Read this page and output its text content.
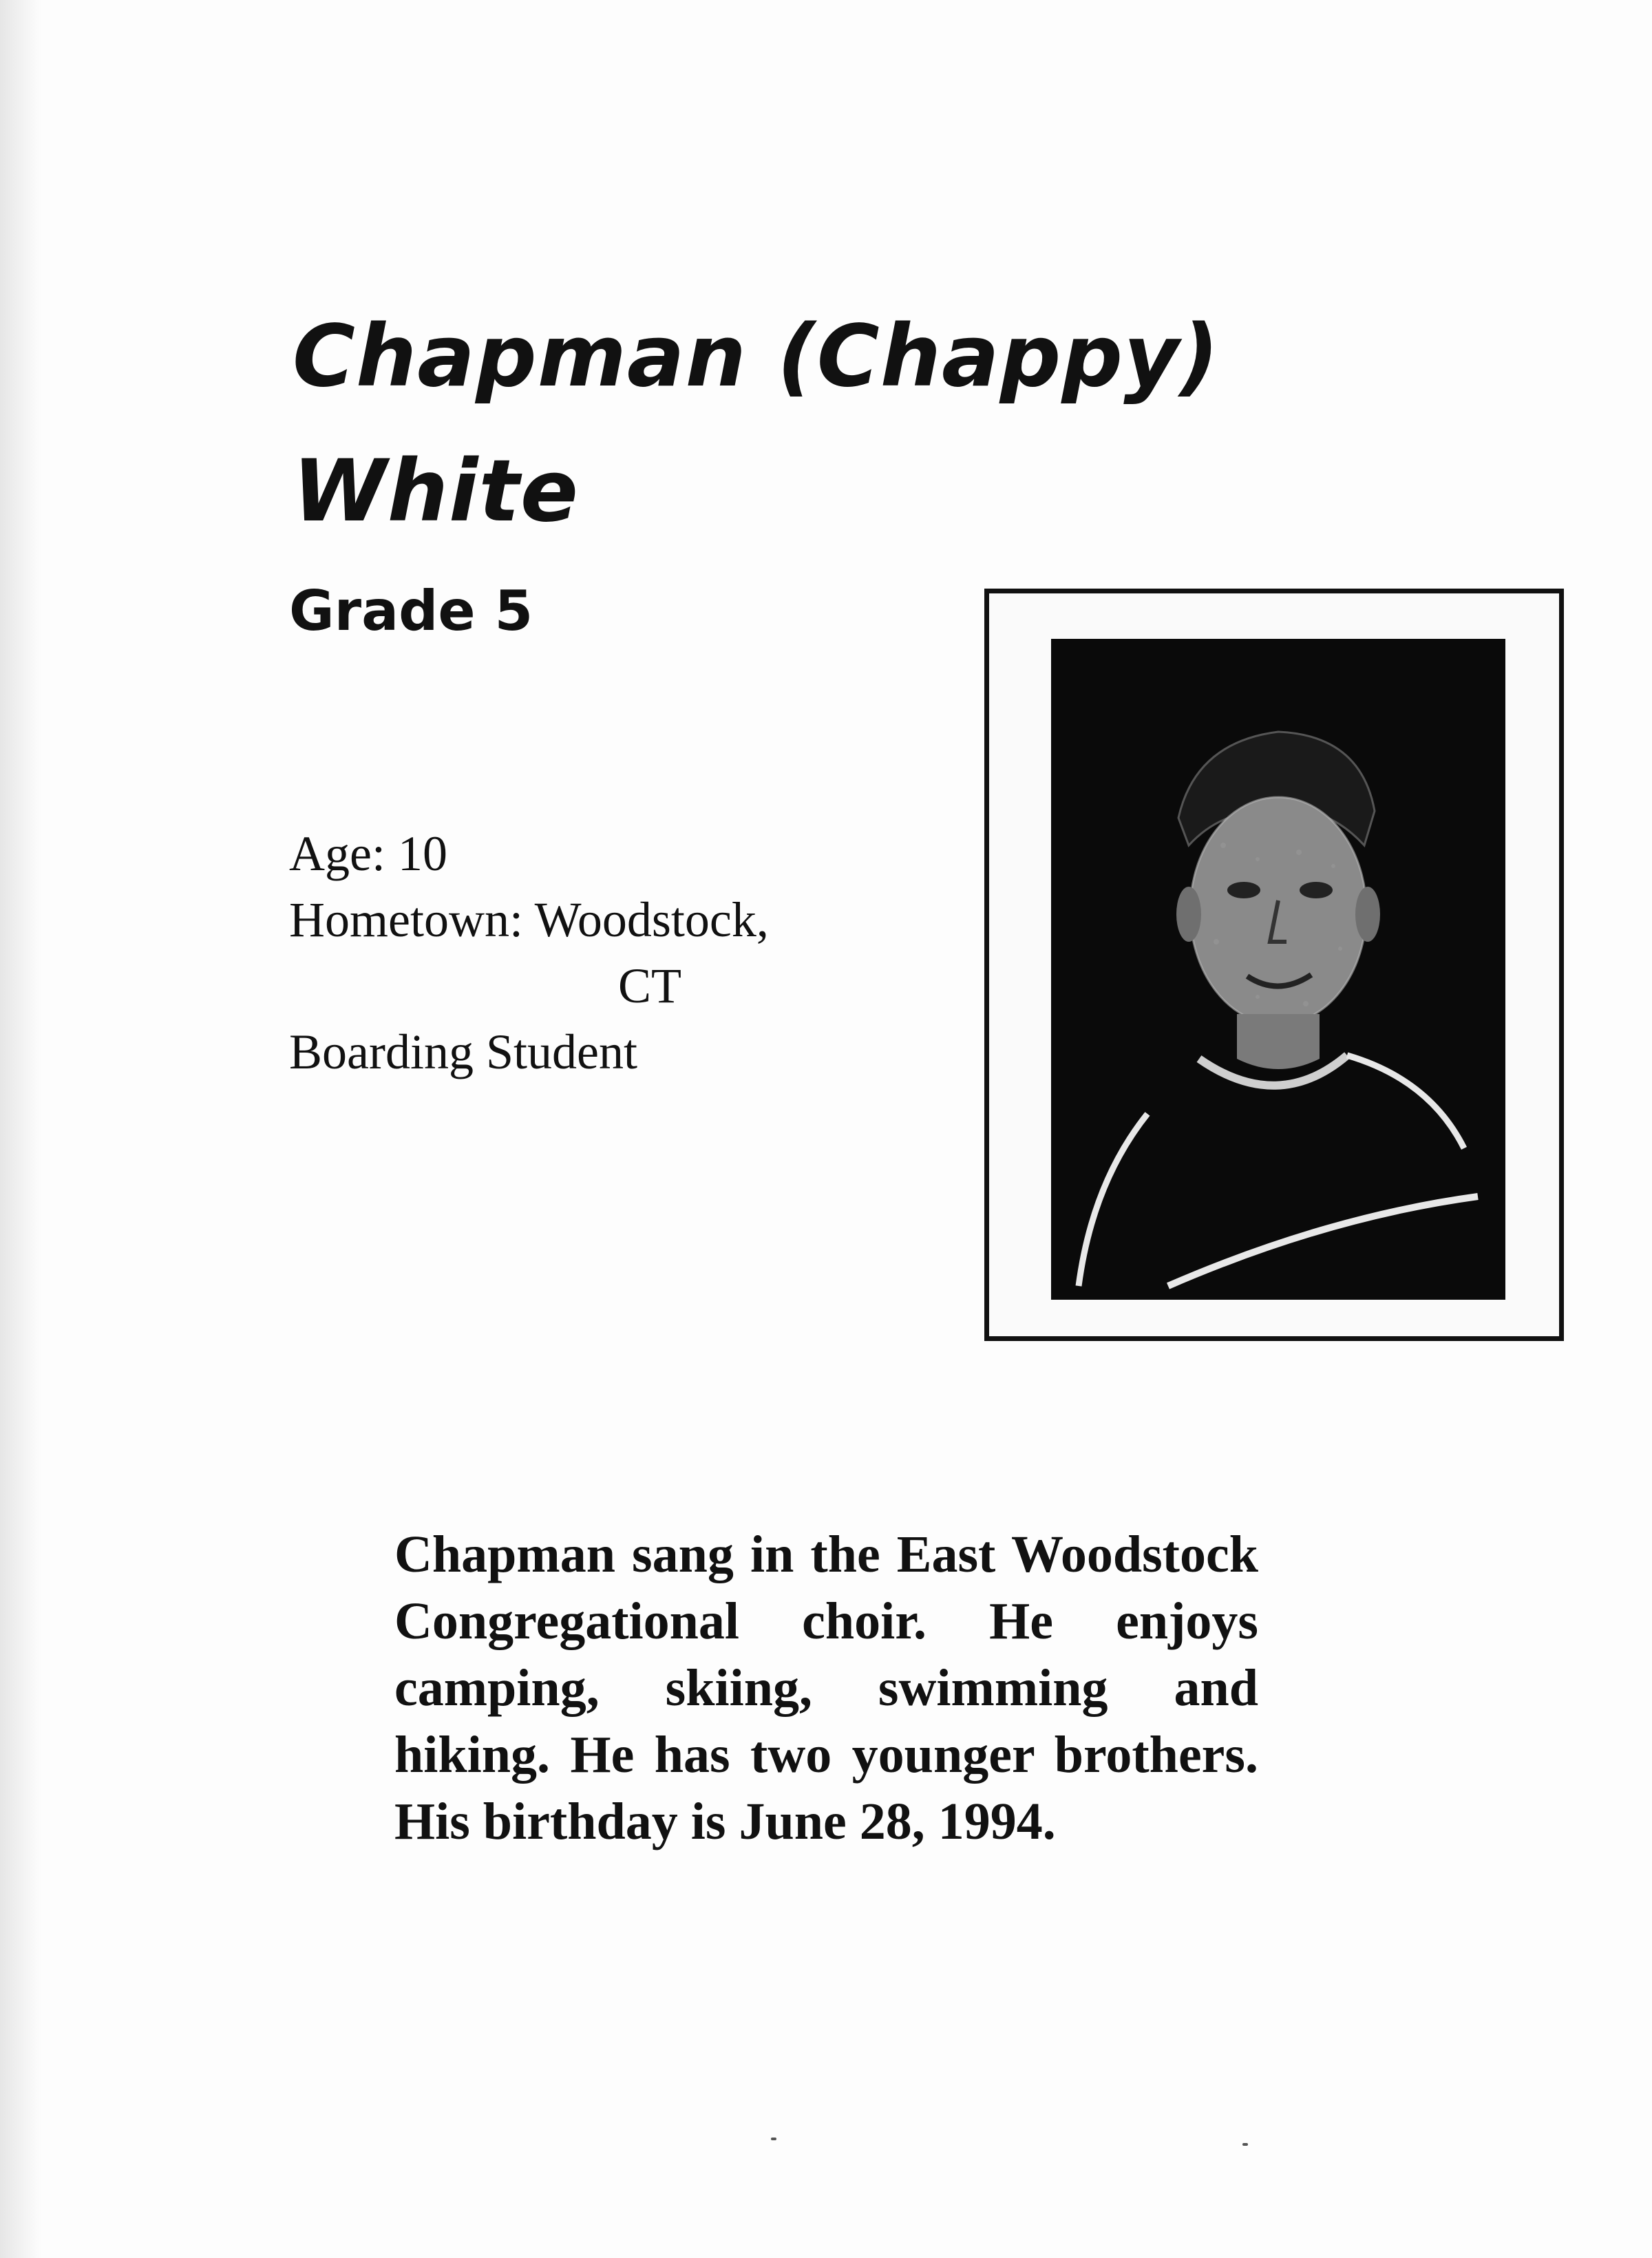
Chapman (Chappy)
White
Grade 5
Age: 10
Hometown: Woodstock,
CT
Boarding Student

Chapman sang in the East Woodstock Congregational choir. He enjoys camping, skiing, swimming and hiking. He has two younger brothers. His birthday is June 28, 1994.
